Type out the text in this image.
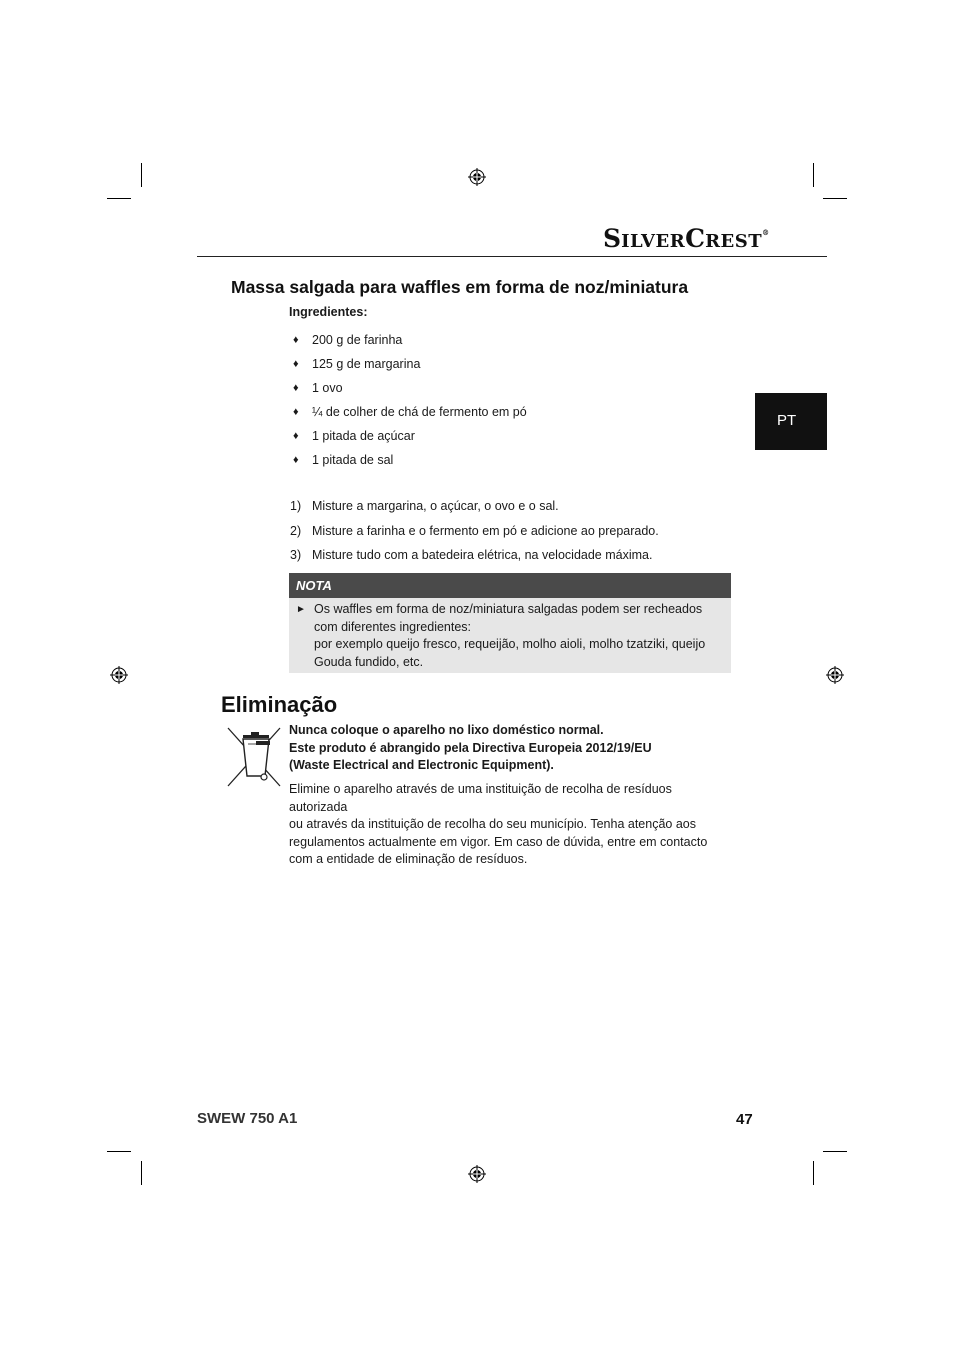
SILVERCREST®
PT
Massa salgada para waffles em forma de noz/miniatura
Ingredientes:
♦ 200 g de farinha
♦ 125 g de margarina
♦ 1 ovo
♦ ¼ de colher de chá de fermento em pó
♦ 1 pitada de açúcar
♦ 1 pitada de sal
1) Misture a margarina, o açúcar, o ovo e o sal.
2) Misture a farinha e o fermento em pó e adicione ao preparado.
3) Misture tudo com a batedeira elétrica, na velocidade máxima.
NOTA
► Os waffles em forma de noz/miniatura salgadas podem ser recheados
com diferentes ingredientes:
por exemplo queijo fresco, requeijão, molho aioli, molho tzatziki, queijo
Gouda fundido, etc.
Eliminação
Nunca coloque o aparelho no lixo doméstico normal.
Este produto é abrangido pela Directiva Europeia 2012/19/EU
(Waste Electrical and Electronic Equipment).
Elimine o aparelho através de uma instituição de recolha de resíduos autorizada
ou através da instituição de recolha do seu município. Tenha atenção aos
regulamentos actualmente em vigor. Em caso de dúvida, entre em contacto
com a entidade de eliminação de resíduos.
SWEW 750 A1	47
